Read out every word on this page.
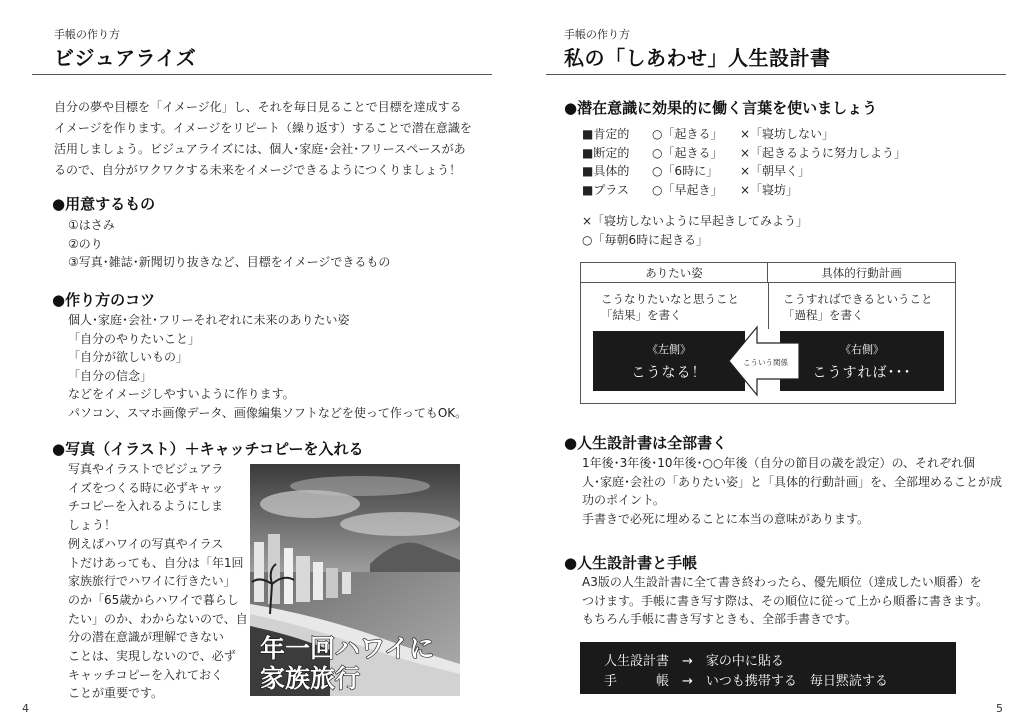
手帳の作り方
ビジュアライズ
自分の夢や目標を「イメージ化」し、それを毎日見ることで目標を達成する
イメージを作ります。イメージをリピート（繰り返す）することで潜在意識を
活用しましょう。ビジュアライズには、個人･家庭･会社･フリースペースがあ
るので、自分がワクワクする未来をイメージできるようにつくりましょう！
●用意するもの
①はさみ
②のり
③写真･雑誌･新聞切り抜きなど、目標をイメージできるもの
●作り方のコツ
個人･家庭･会社･フリーそれぞれに未来のありたい姿
「自分のやりたいこと」
「自分が欲しいもの」
「自分の信念」
などをイメージしやすいように作ります。
パソコン、スマホ画像データ、画像編集ソフトなどを使って作ってもOK。
●写真（イラスト）＋キャッチコピーを入れる
写真やイラストでビジュアラ
イズをつくる時に必ずキャッ
チコピーを入れるようにしま
しょう！
例えばハワイの写真やイラス
トだけあっても、自分は「年1回
家族旅行でハワイに行きたい」
のか「65歳からハワイで暮らし
たい」のか、わからないので、自
分の潜在意識が理解できない
ことは、実現しないので、必ず
キャッチコピーを入れておく
ことが重要です。
年一回ハワイに
家族旅行
4
手帳の作り方
私の「しあわせ」人生設計書
●潜在意識に効果的に働く言葉を使いましょう
■肯定的 ○「起きる」 ×「寝坊しない」
■断定的 ○「起きる」 ×「起きるように努力しよう」
■具体的 ○「6時に」 ×「朝早く」
■プラス ○「早起き」 ×「寝坊」
×「寝坊しないように早起きしてみよう」
○「毎朝6時に起きる」
ありたい姿	具体的行動計画
こうなりたいなと思うこと
「結果」を書く
こうすればできるということ
「過程」を書く
《左側》
こうなる！
《右側》
こうすれば･･･
こういう関係
●人生設計書は全部書く
1年後･3年後･10年後･○○年後（自分の節目の歳を設定）の、それぞれ個
人･家庭･会社の「ありたい姿」と「具体的行動計画」を、全部埋めることが成
功のポイント。
手書きで必死に埋めることに本当の意味があります。
●人生設計書と手帳
A3版の人生設計書に全て書き終わったら、優先順位（達成したい順番）を
つけます。手帳に書き写す際は、その順位に従って上から順番に書きます。
もちろん手帳に書き写すときも、全部手書きです。
人生設計書　→　家の中に貼る
手　　　帳　→　いつも携帯する　毎日黙読する
5
